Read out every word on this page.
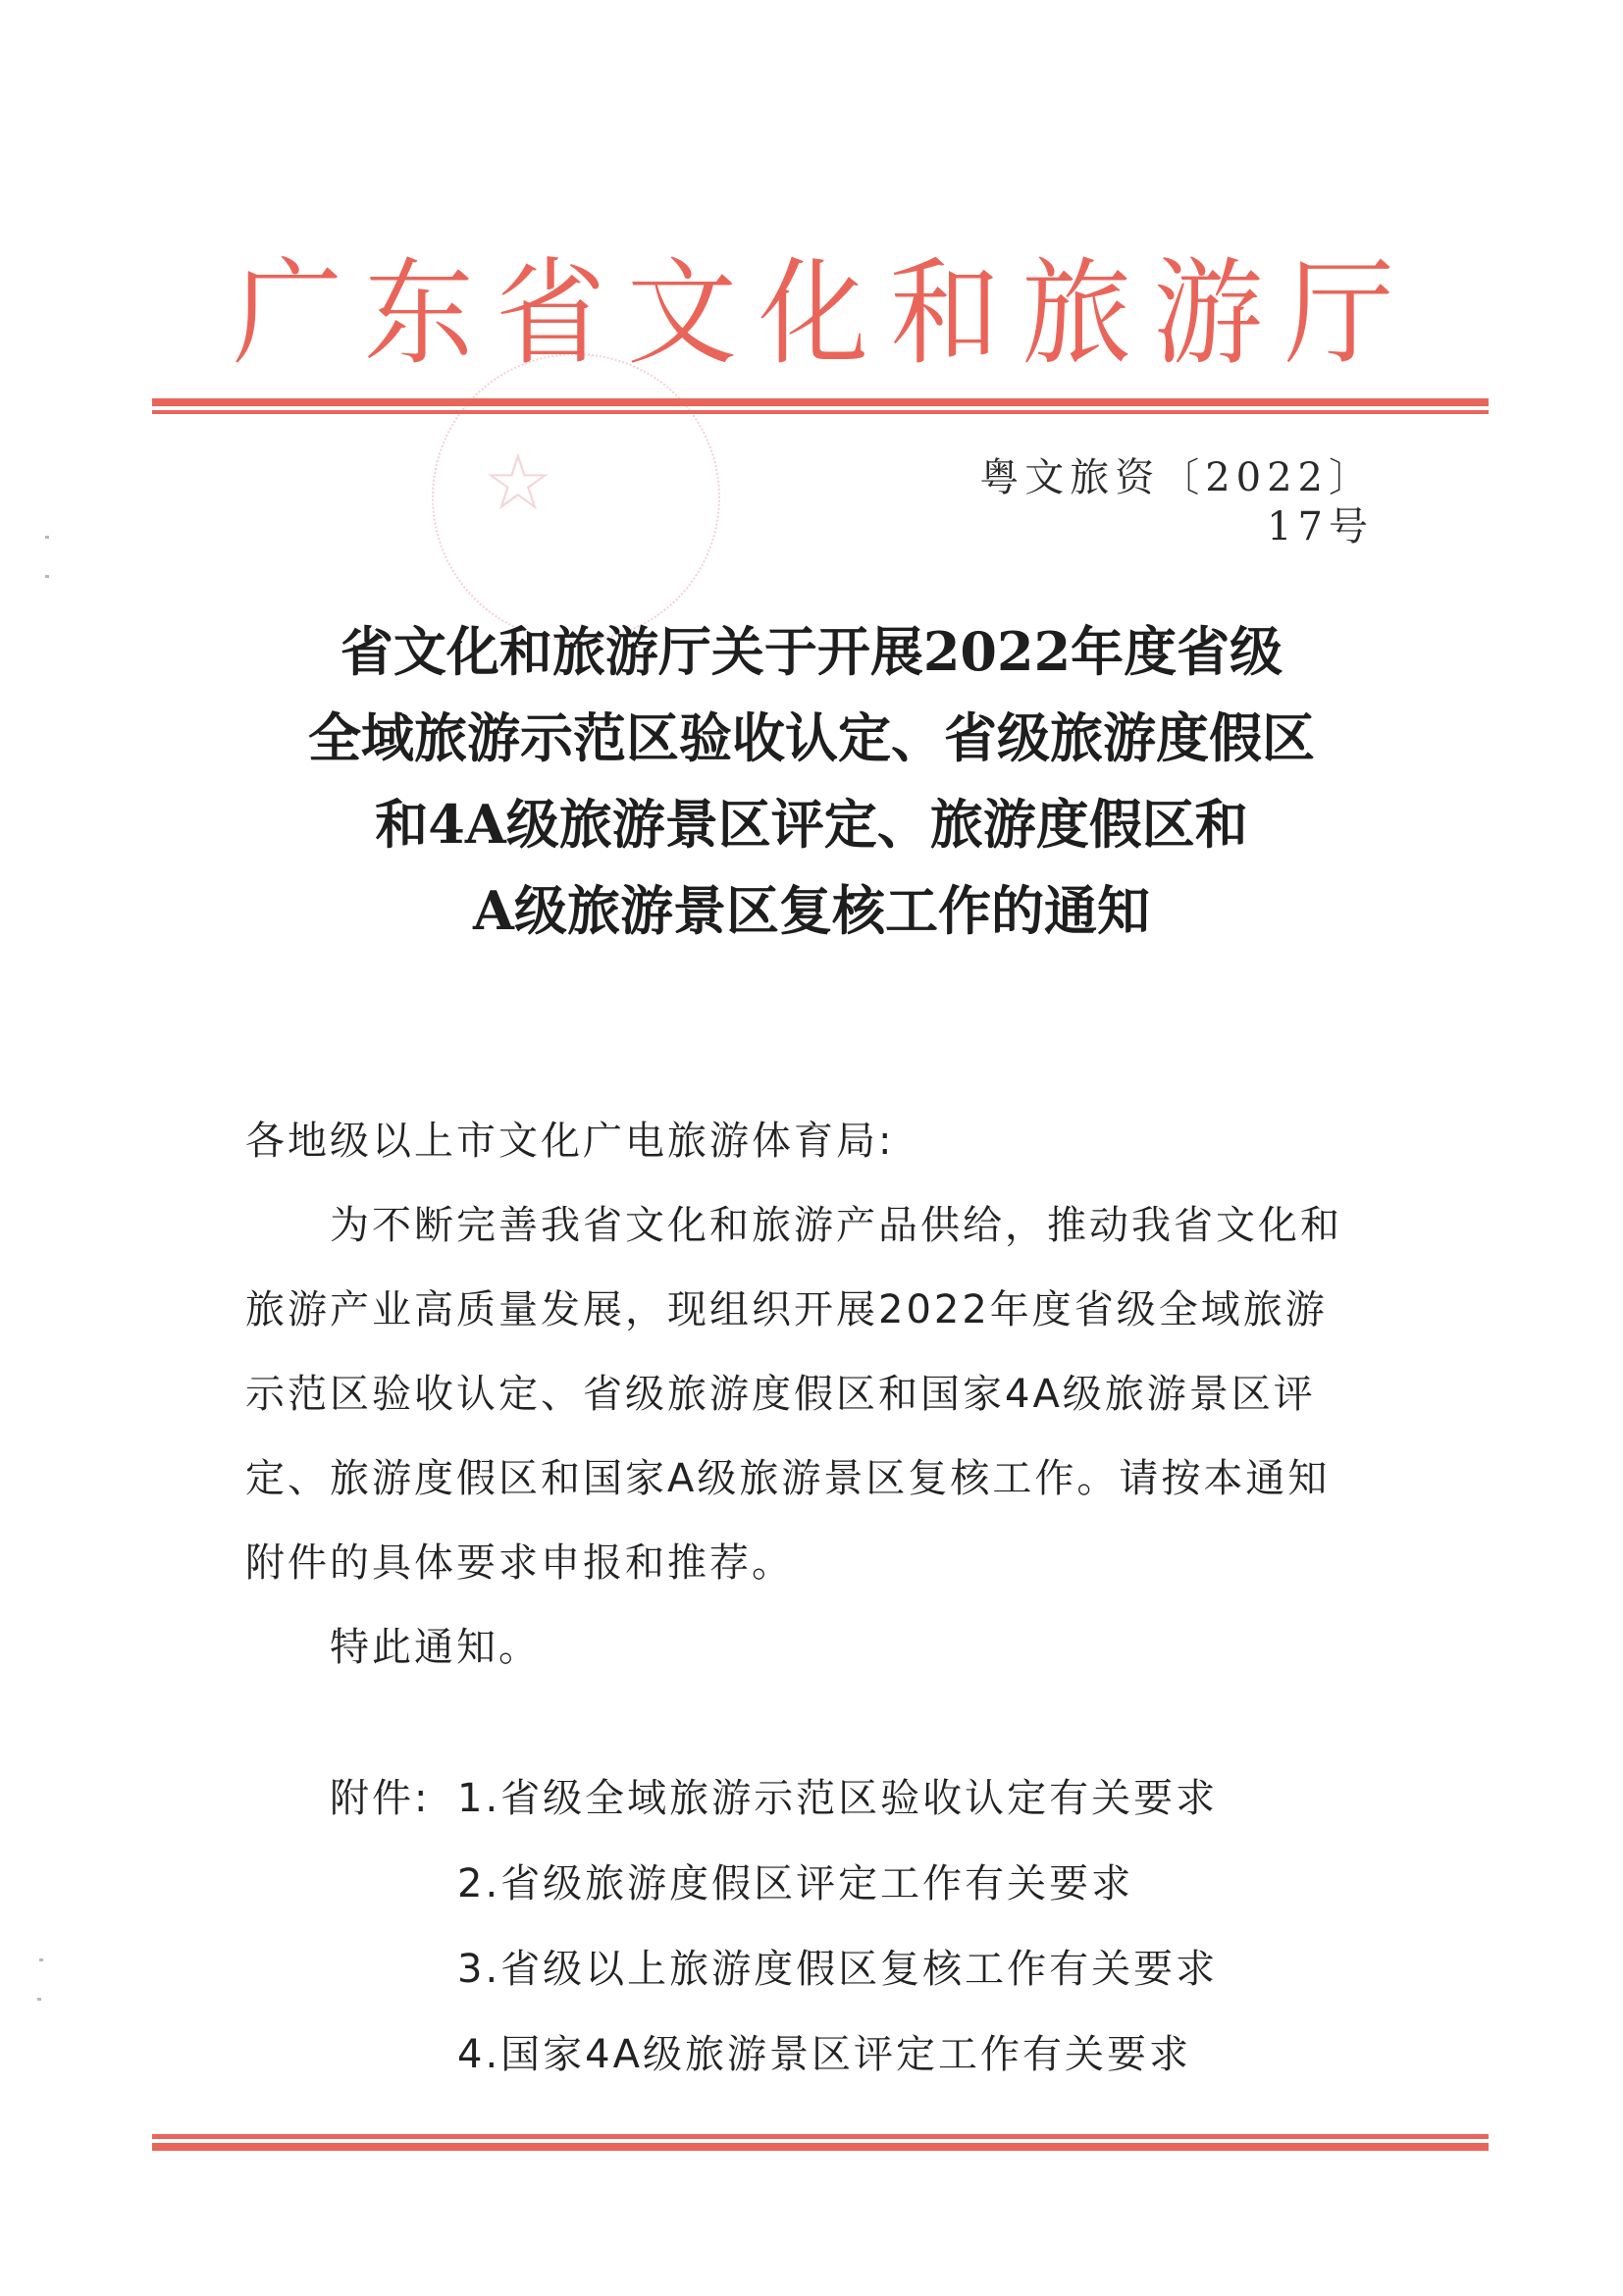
广东省文化和旅游厅
☆	粤文旅资〔2022〕17号
省文化和旅游厅关于开展2022年度省级
全域旅游示范区验收认定、省级旅游度假区
和4A级旅游景区评定、旅游度假区和
A级旅游景区复核工作的通知
各地级以上市文化广电旅游体育局:
为不断完善我省文化和旅游产品供给，推动我省文化和
旅游产业高质量发展，现组织开展2022年度省级全域旅游
示范区验收认定、省级旅游度假区和国家4A级旅游景区评
定、旅游度假区和国家A级旅游景区复核工作。请按本通知
附件的具体要求申报和推荐。
特此通知。
附件: 1.省级全域旅游示范区验收认定有关要求
2.省级旅游度假区评定工作有关要求
3.省级以上旅游度假区复核工作有关要求
4.国家4A级旅游景区评定工作有关要求
